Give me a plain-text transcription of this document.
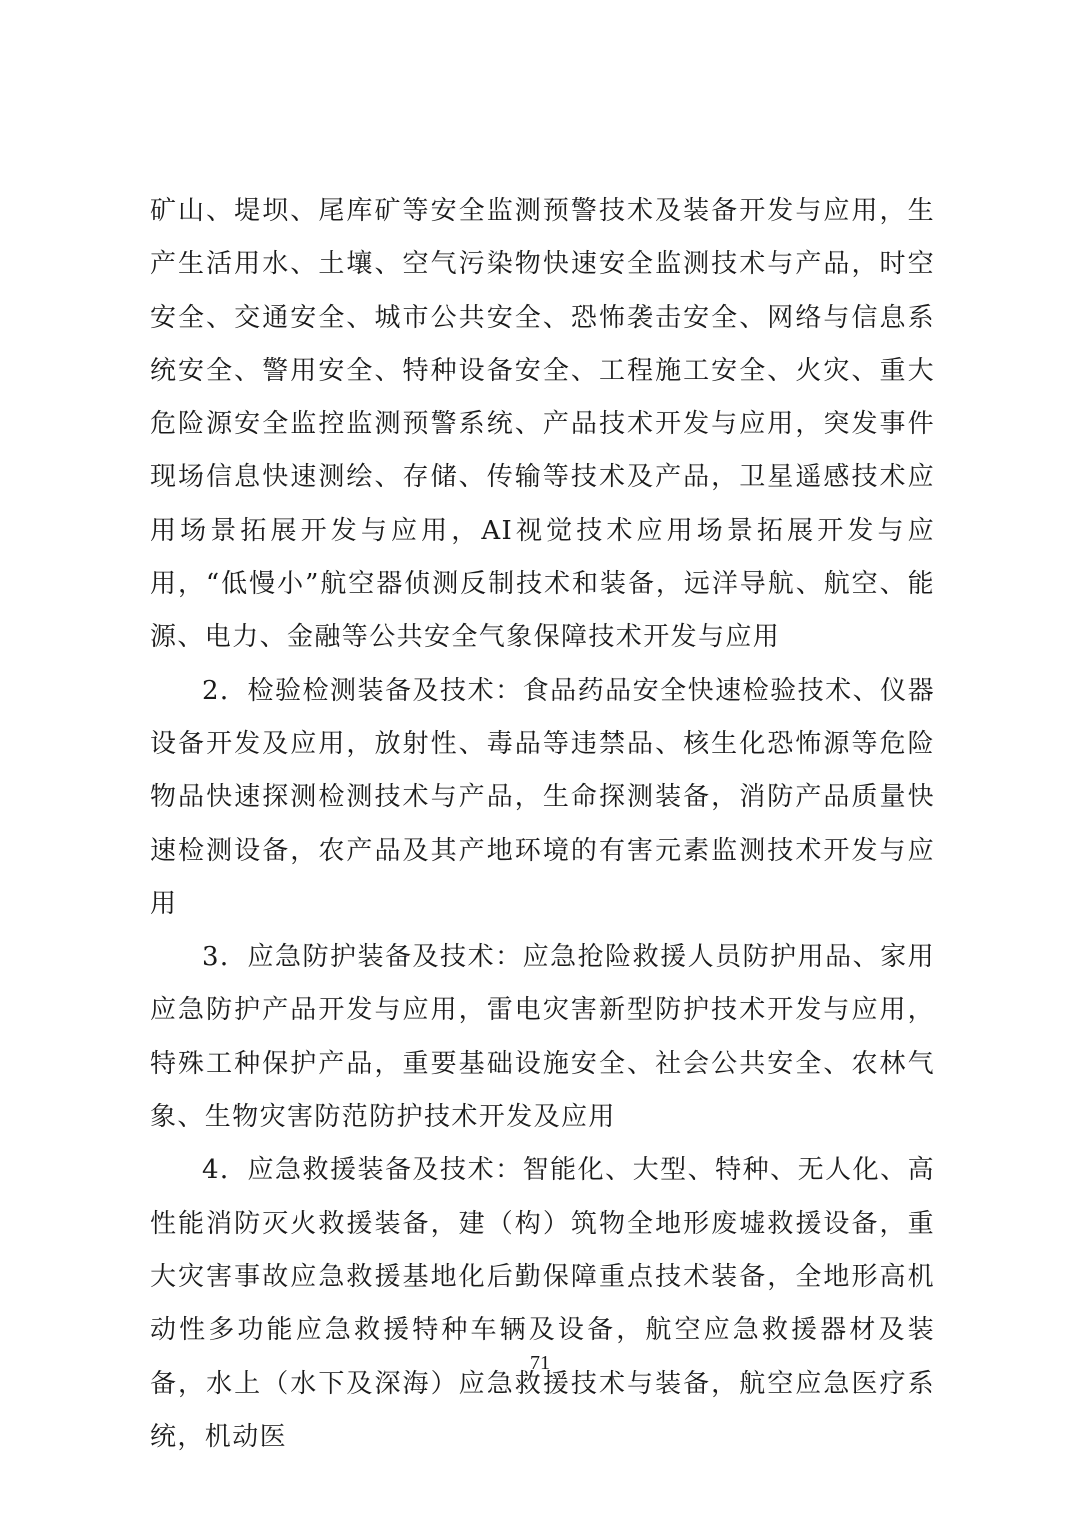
矿山、堤坝、尾库矿等安全监测预警技术及装备开发与应用，生产生活用水、土壤、空气污染物快速安全监测技术与产品，时空安全、交通安全、城市公共安全、恐怖袭击安全、网络与信息系统安全、警用安全、特种设备安全、工程施工安全、火灾、重大危险源安全监控监测预警系统、产品技术开发与应用，突发事件现场信息快速测绘、存储、传输等技术及产品，卫星遥感技术应用场景拓展开发与应用，AI视觉技术应用场景拓展开发与应用，“低慢小”航空器侦测反制技术和装备，远洋导航、航空、能源、电力、金融等公共安全气象保障技术开发与应用

2．检验检测装备及技术：食品药品安全快速检验技术、仪器设备开发及应用，放射性、毒品等违禁品、核生化恐怖源等危险物品快速探测检测技术与产品，生命探测装备，消防产品质量快速检测设备，农产品及其产地环境的有害元素监测技术开发与应用

3．应急防护装备及技术：应急抢险救援人员防护用品、家用应急防护产品开发与应用，雷电灾害新型防护技术开发与应用，特殊工种保护产品，重要基础设施安全、社会公共安全、农林气象、生物灾害防范防护技术开发及应用

4．应急救援装备及技术：智能化、大型、特种、无人化、高性能消防灭火救援装备，建（构）筑物全地形废墟救援设备，重大灾害事故应急救援基地化后勤保障重点技术装备，全地形高机动性多功能应急救援特种车辆及设备，航空应急救援器材及装备，水上（水下及深海）应急救援技术与装备，航空应急医疗系统，机动医

71
